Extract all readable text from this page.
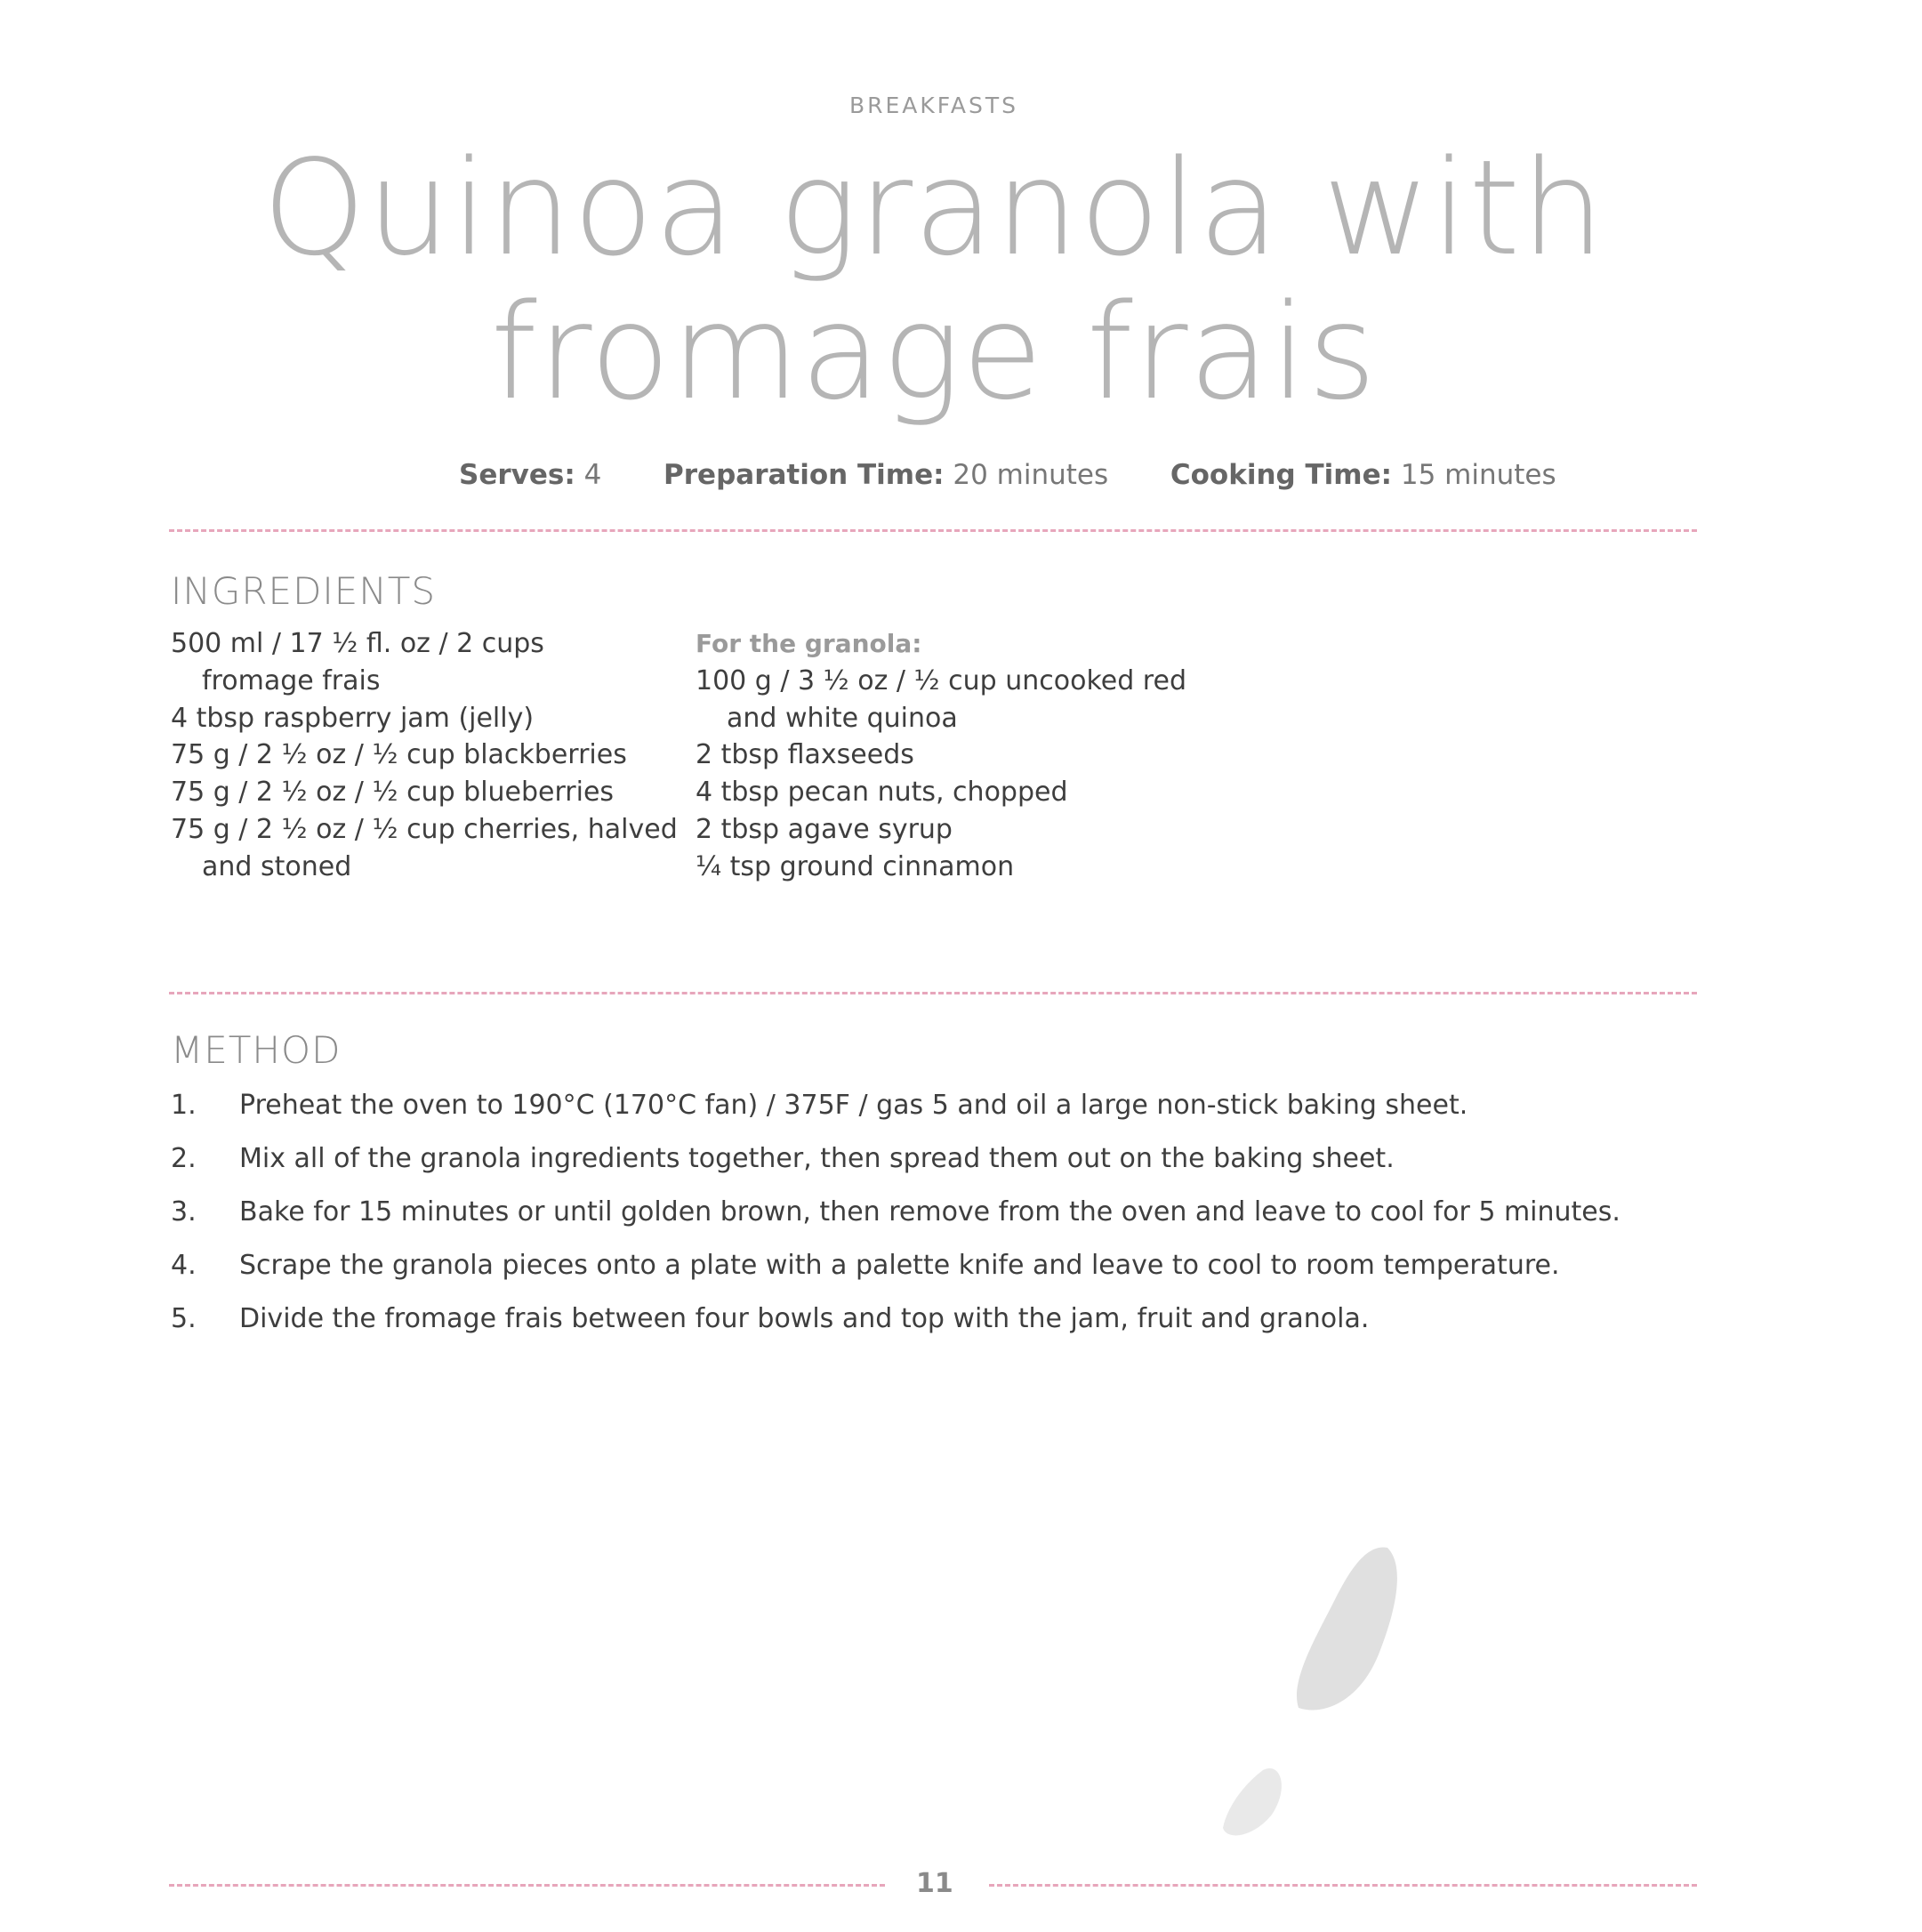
BREAKFASTS
Quinoa granola with
fromage frais
Serves: 4 Preparation Time: 20 minutes Cooking Time: 15 minutes
INGREDIENTS
500 ml / 17 ½ fl. oz / 2 cups
fromage frais
4 tbsp raspberry jam (jelly)
75 g / 2 ½ oz / ½ cup blackberries
75 g / 2 ½ oz / ½ cup blueberries
75 g / 2 ½ oz / ½ cup cherries, halved
and stoned
For the granola:
100 g / 3 ½ oz / ½ cup uncooked red
and white quinoa
2 tbsp flaxseeds
4 tbsp pecan nuts, chopped
2 tbsp agave syrup
¼ tsp ground cinnamon
METHOD
1. Preheat the oven to 190°C (170°C fan) / 375F / gas 5 and oil a large non-stick baking sheet.
2. Mix all of the granola ingredients together, then spread them out on the baking sheet.
3. Bake for 15 minutes or until golden brown, then remove from the oven and leave to cool for 5 minutes.
4. Scrape the granola pieces onto a plate with a palette knife and leave to cool to room temperature.
5. Divide the fromage frais between four bowls and top with the jam, fruit and granola.
11
